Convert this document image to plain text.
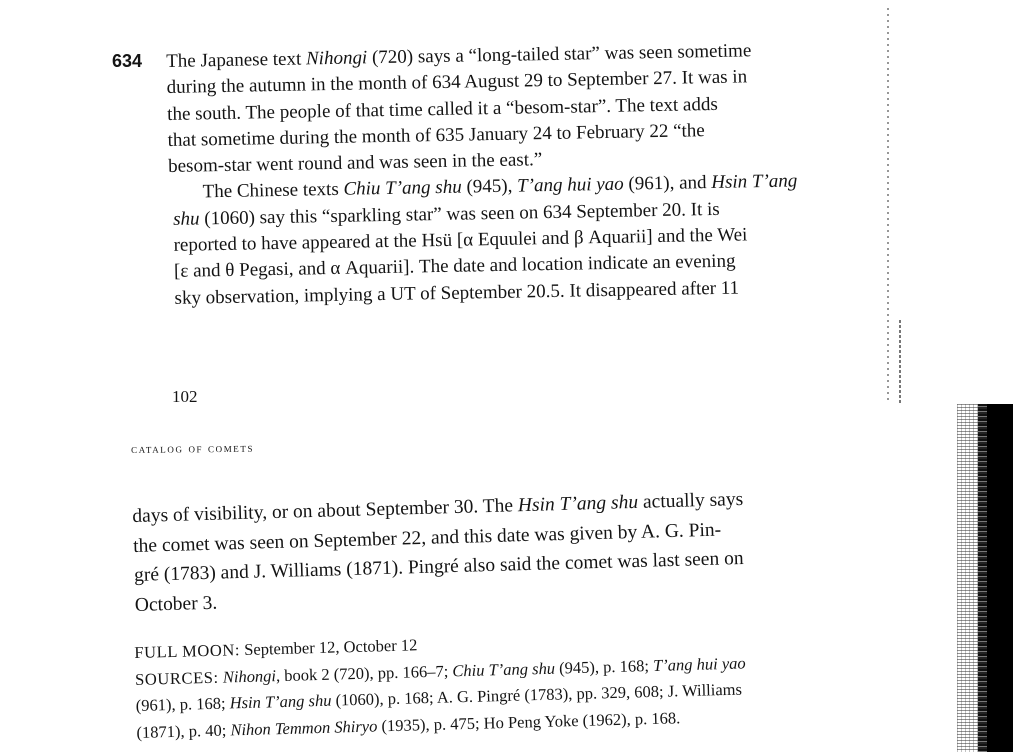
634 The Japanese text Nihongi (720) says a “long-tailed star” was seen sometime
during the autumn in the month of 634 August 29 to September 27. It was in
the south. The people of that time called it a “besom-star”. The text adds
that sometime during the month of 635 January 24 to February 22 “the
besom-star went round and was seen in the east.”
The Chinese texts Chiu T’ang shu (945), T’ang hui yao (961), and Hsin T’ang
shu (1060) say this “sparkling star” was seen on 634 September 20. It is
reported to have appeared at the Hsü [α Equulei and β Aquarii] and the Wei
[ε and θ Pegasi, and α Aquarii]. The date and location indicate an evening
sky observation, implying a UT of September 20.5. It disappeared after 11
102
catalog of comets
days of visibility, or on about September 30. The Hsin T’ang shu actually says
the comet was seen on September 22, and this date was given by A. G. Pin-
gré (1783) and J. Williams (1871). Pingré also said the comet was last seen on
October 3.
FULL MOON: September 12, October 12
SOURCES: Nihongi, book 2 (720), pp. 166–7; Chiu T’ang shu (945), p. 168; T’ang hui yao
(961), p. 168; Hsin T’ang shu (1060), p. 168; A. G. Pingré (1783), pp. 329, 608; J. Williams
(1871), p. 40; Nihon Temmon Shiryo (1935), p. 475; Ho Peng Yoke (1962), p. 168.
